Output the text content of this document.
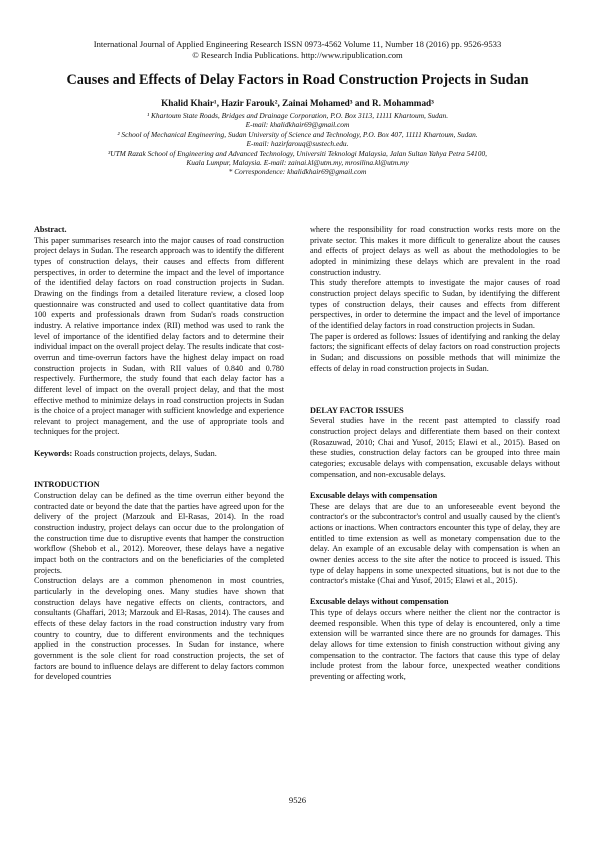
International Journal of Applied Engineering Research ISSN 0973-4562 Volume 11, Number 18 (2016) pp. 9526-9533
© Research India Publications. http://www.ripublication.com
Causes and Effects of Delay Factors in Road Construction Projects in Sudan
Khalid Khair¹, Hazir Farouk², Zainai Mohamed³ and R. Mohammad³
¹ Khartoum State Roads, Bridges and Drainage Corporation, P.O. Box 3113, 11111 Khartoum, Sudan.
E-mail: khalidkhair69@gmail.com
² School of Mechanical Engineering, Sudan University of Science and Technology, P.O. Box 407, 11111 Khartoum, Sudan.
E-mail: hazirfarouq@sustech.edu.
³UTM Razak School of Engineering and Advanced Technology, Universiti Teknologi Malaysia, Jalan Sultan Yahya Petra 54100,
Kuala Lumpur, Malaysia. E-mail: zainai.kl@utm.my, mrosilina.kl@utm.my
* Correspondence: khalidkhair69@gmail.com

Abstract.

This paper summarises research into the major causes of road construction project delays in Sudan. The research approach was to identify the different types of construction delays, their causes and effects from different perspectives, in order to determine the impact and the level of importance of the identified delay factors on road construction projects in Sudan. Drawing on the findings from a detailed literature review, a closed loop questionnaire was constructed and used to collect quantitative data from 100 experts and professionals drawn from Sudan's roads construction industry. A relative importance index (RII) method was used to rank the level of importance of the identified delay factors and to determine their individual impact on the overall project delay. The results indicate that cost-overrun and time-overrun factors have the highest delay impact on road construction projects in Sudan, with RII values of 0.840 and 0.780 respectively. Furthermore, the study found that each delay factor has a different level of impact on the overall project delay, and that the most effective method to minimize delays in road construction projects in Sudan is the choice of a project manager with sufficient knowledge and experience relevant to project management, and the use of appropriate tools and techniques for the project.

Keywords: Roads construction projects, delays, Sudan.

INTRODUCTION

Construction delay can be defined as the time overrun either beyond the contracted date or beyond the date that the parties have agreed upon for the delivery of the project (Marzouk and El-Rasas, 2014). In the road construction industry, project delays can occur due to the prolongation of the construction time due to disruptive events that hamper the construction workflow (Shebob et al., 2012). Moreover, these delays have a negative impact both on the contractors and on the beneficiaries of the completed projects.

Construction delays are a common phenomenon in most countries, particularly in the developing ones. Many studies have shown that construction delays have negative effects on clients, contractors, and consultants (Ghaffari, 2013; Marzouk and El-Rasas, 2014). The causes and effects of these delay factors in the road construction industry vary from country to country, due to different environments and the techniques applied in the construction processes. In Sudan for instance, where government is the sole client for road construction projects, the set of factors are bound to influence delays are different to delay factors common for developed countries

where the responsibility for road construction works rests more on the private sector. This makes it more difficult to generalize about the causes and effects of project delays as well as about the methodologies to be adopted in minimizing these delays which are prevalent in the road construction industry.

This study therefore attempts to investigate the major causes of road construction project delays specific to Sudan, by identifying the different types of construction delays, their causes and effects from different perspectives, in order to determine the impact and the level of importance of the identified delay factors in road construction projects in Sudan.

The paper is ordered as follows: Issues of identifying and ranking the delay factors; the significant effects of delay factors on road construction projects in Sudan; and discussions on possible methods that will minimize the effects of delay in road construction projects in Sudan.

DELAY FACTOR ISSUES

Several studies have in the recent past attempted to classify road construction project delays and differentiate them based on their context (Rosazuwad, 2010; Chai and Yusof, 2015; Elawi et al., 2015). Based on these studies, construction delay factors can be grouped into three main categories; excusable delays with compensation, excusable delays without compensation, and non-excusable delays.

Excusable delays with compensation

These are delays that are due to an unforeseeable event beyond the contractor's or the subcontractor's control and usually caused by the client's actions or inactions. When contractors encounter this type of delay, they are entitled to time extension as well as monetary compensation due to the delay. An example of an excusable delay with compensation is when an owner denies access to the site after the notice to proceed is issued. This type of delay happens in some unexpected situations, but is not due to the contractor's mistake (Chai and Yusof, 2015; Elawi et al., 2015).

Excusable delays without compensation

This type of delays occurs where neither the client nor the contractor is deemed responsible. When this type of delay is encountered, only a time extension will be warranted since there are no grounds for damages. This delay allows for time extension to finish construction without giving any compensation to the contractor. The factors that cause this type of delay include protest from the labour force, unexpected weather conditions preventing or affecting work,

9526
